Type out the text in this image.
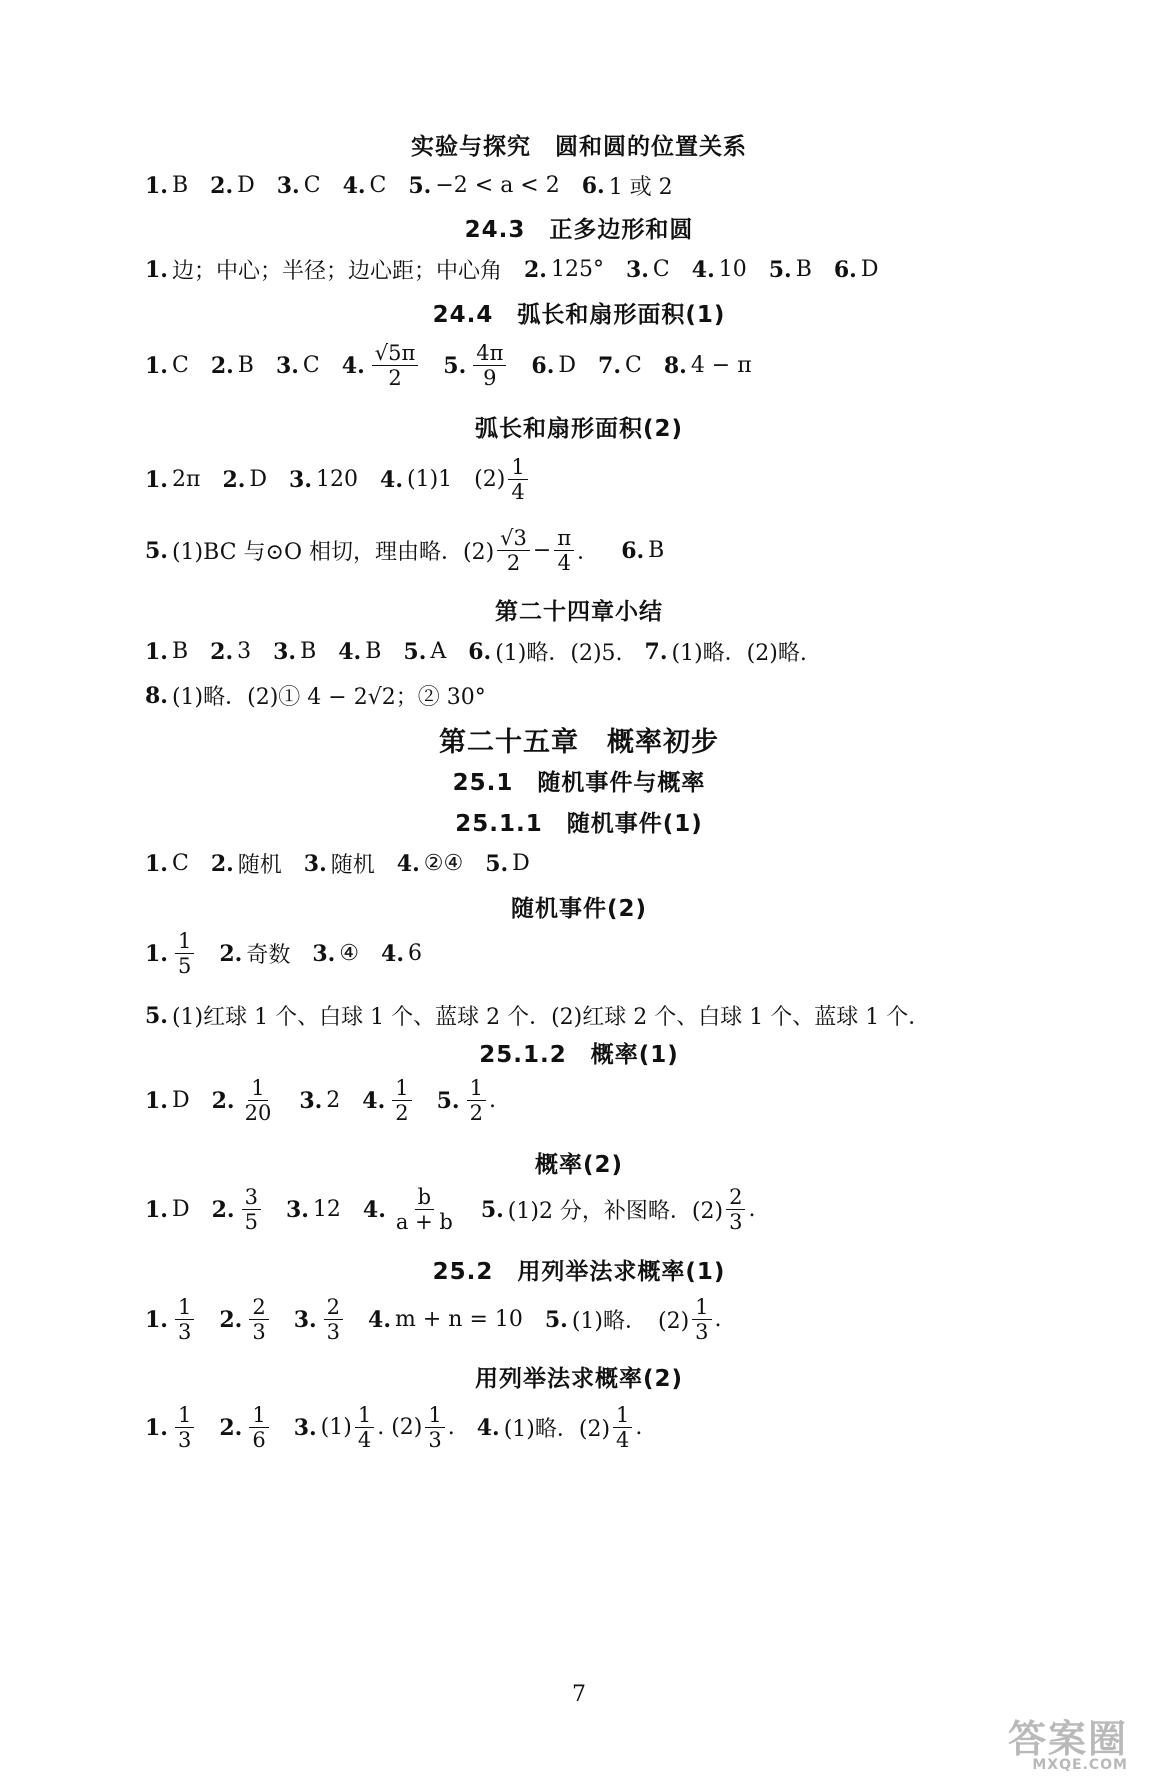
实验与探究　圆和圆的位置关系
1. B 2. D 3. C 4. C 5. −2 < a < 2 6. 1 或 2
24.3　正多边形和圆
1. 边；中心；半径；边心距；中心角 2. 125° 3. C 4. 10 5. B 6. D
24.4　弧长和扇形面积(1)
1. C 2. B 3. C 4. $\frac{√5\pi}{2} 5$. $\frac{4\pi}{9} 6$. D 7. C 8. 4 − π
弧长和扇形面积(2)
1. 2π 2. D 3. 120 4. (1)1 $(2) \frac{1}{4}$
5. (1)BC 与⊙O 相切，理由略．$(2) \frac{√3}{2} - \frac{\pi}{4}$ ． 6. B
第二十四章小结
1. B 2. 3 3. B 4. B 5. A 6. (1)略．(2)5. 7. (1)略．(2)略.
8. (1)略．(2)① 4 − 2√2；② 30°
第二十五章　概率初步
25.1　随机事件与概率
25.1.1　随机事件(1)
1. C 2. 随机 3. 随机 4. ②④ 5. D
随机事件(2)
1. $\frac{1}{5} 2$. 奇数 3. ④ 4. 6
5. (1)红球 1 个、白球 1 个、蓝球 2 个．(2)红球 2 个、白球 1 个、蓝球 1 个．
25.1.2　概率(1)
1. D 2. $\frac{1}{20} 3$. 2 4. $\frac{1}{2} 5$. $\frac{1}{2}$ .
概率(2)
1. D 2. $\frac{3}{5} 3$. 12 4. $\frac{b}{a + b} 5$. (1)2 分，补图略．$(2) \frac{2}{3}$ .
25.2　用列举法求概率(1)
1. $\frac{1}{3} 2$. $\frac{2}{3} 3$. $\frac{2}{3} 4$. m + n = 10 5. (1)略．　$(2) \frac{1}{3}$ .
用列举法求概率(2)
1. $\frac{1}{3} 2$. $\frac{1}{6} 3$. $(1) \frac{1}{4}$ . $(2) \frac{1}{3}$ . 4. (1)略．$(2) \frac{1}{4}$ .
7
答案圈
MXQE.COM
